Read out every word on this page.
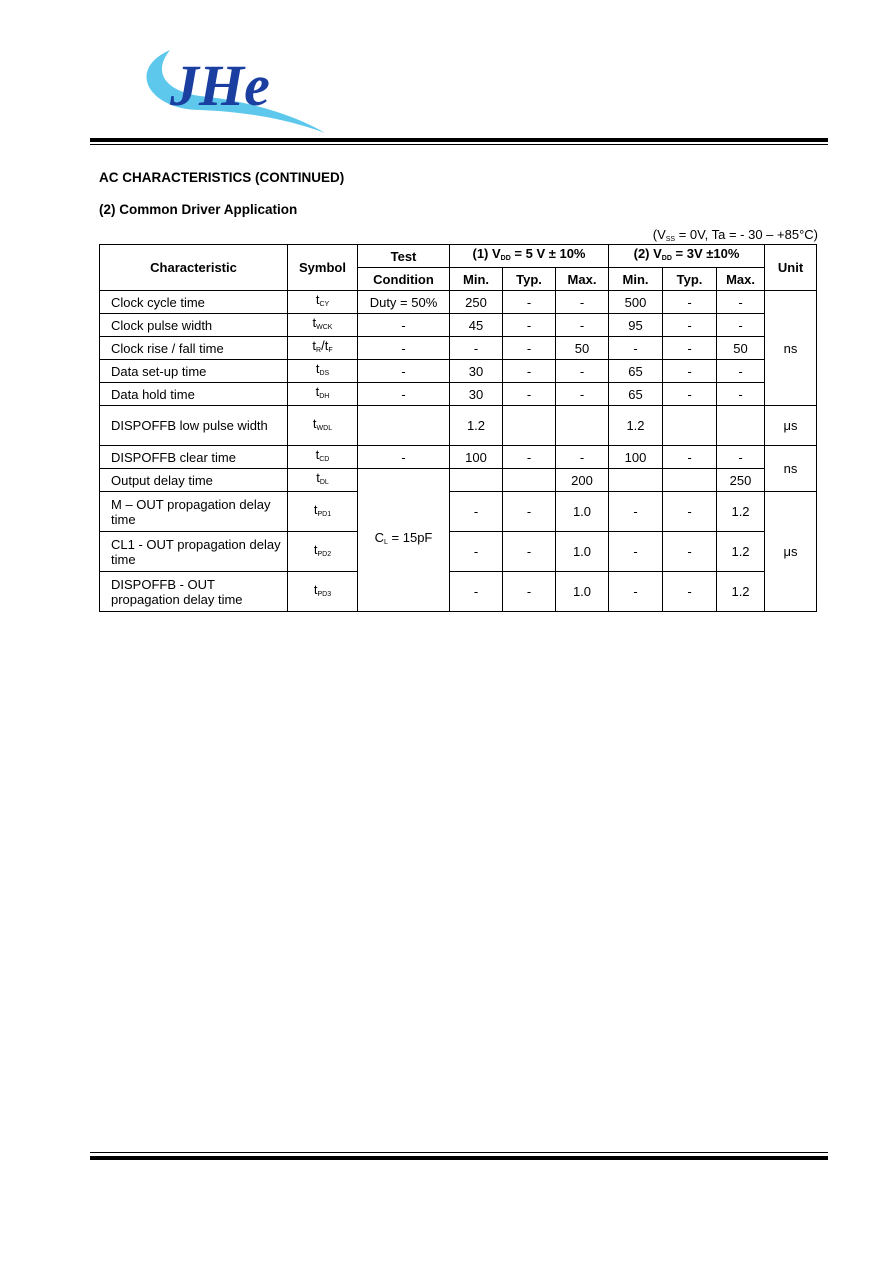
JHe
AC CHARACTERISTICS (CONTINUED)
(2) Common Driver Application
($V_{SS} = 0V$, Ta = - 30 – +85°C)
Characteristic	Symbol	Test	(1) $V_{DD} = 5$ V ± 10%			(2) $V_{DD} = 3V \pm 10\%$			Unit
		Condition	Min.	Typ.	Max.	Min.	Typ.	Max.	
Clock cycle time	$t_{CY}$	Duty = 50%	250	-	-	500	-	-	ns
Clock pulse width	$t_{WCK}$	-	45	-	-	95	-	-	
Clock rise / fall time	$t_R/t_F$	-	-	-	50	-	-	50	
Data set-up time	$t_{DS}$	-	30	-	-	65	-	-	
Data hold time	$t_{DH}$	-	30	-	-	65	-	-	
DISPOFFB low pulse width	$t_{WDL}$		1.2			1.2			μs
DISPOFFB clear time	$t_{CD}$	-	100	-	-	100	-	-	ns
Output delay time	$t_{DL}$	$C_L = 15pF$			200			250	
M – OUT propagation delay time	$t_{PD1}$		-	-	1.0	-	-	1.2	μs
CL1 - OUT propagation delay time	$t_{PD2}$		-	-	1.0	-	-	1.2	
DISPOFFB - OUT propagation delay time	$t_{PD3}$		-	-	1.0	-	-	1.2	
